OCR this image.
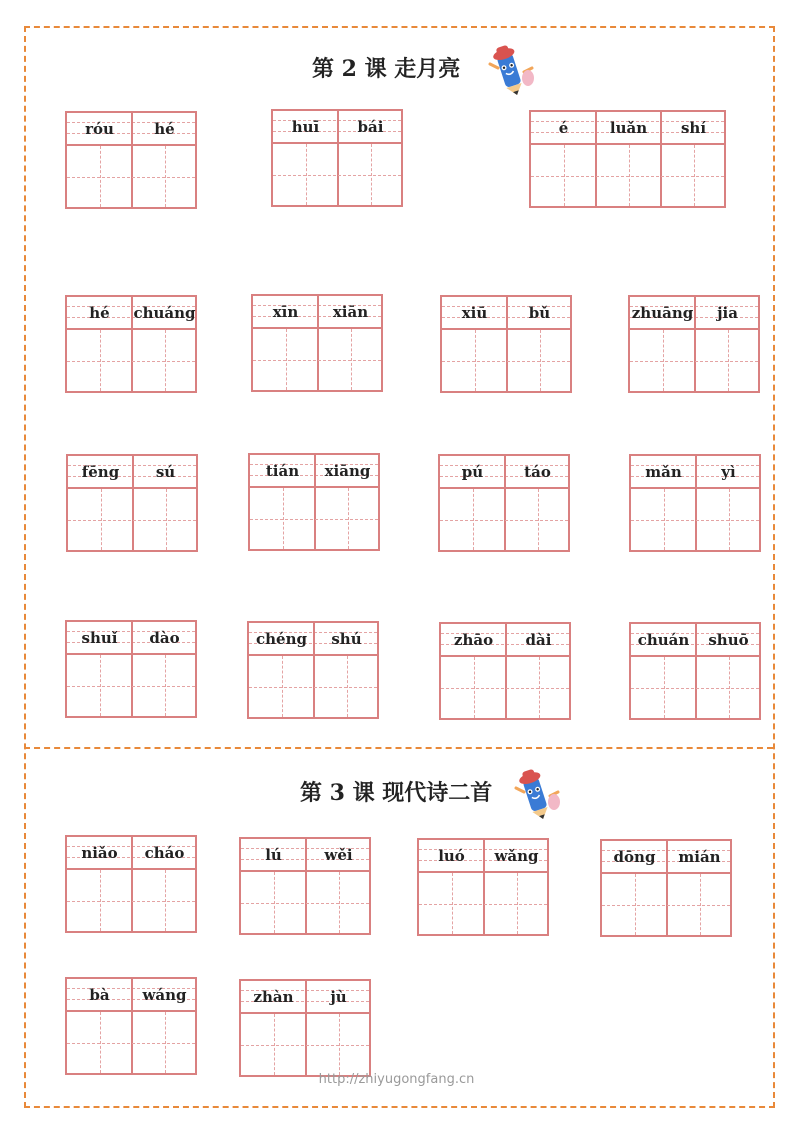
第 2 课 走月亮
第 3 课 现代诗二首
róu	hé	huī	bái	é	luǎn	shí
hé	chuáng	xīn	xiān	xiū	bǔ	zhuāng	jia
fēng	sú	tián	xiāng	pú	táo	mǎn	yì
shuǐ	dào	chéng	shú	zhāo	dài	chuán	shuō
niǎo	cháo	lú	wěi	luó	wǎng	dōng	mián
bà	wáng	zhàn	jù
http://zhiyugongfang.cn
